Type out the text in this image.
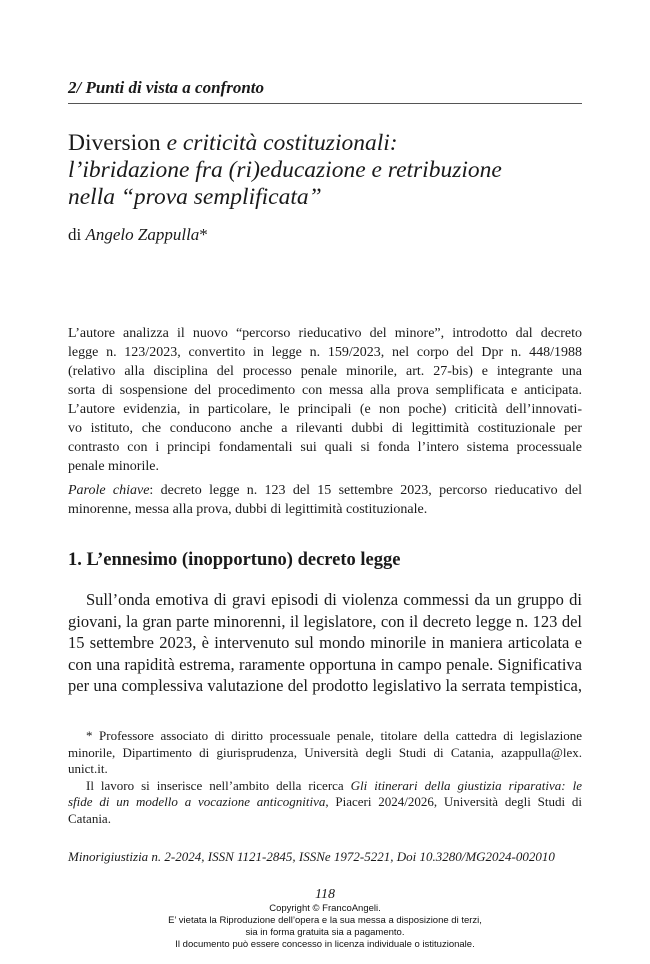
2/ Punti di vista a confronto
Diversion e criticità costituzionali:
l’ibridazione fra (ri)educazione e retribuzione
nella “prova semplificata”
di Angelo Zappulla*
L’autore analizza il nuovo “percorso rieducativo del minore”, introdotto dal decreto
legge n. 123/2023, convertito in legge n. 159/2023, nel corpo del Dpr n. 448/1988
(relativo alla disciplina del processo penale minorile, art. 27-bis) e integrante una
sorta di sospensione del procedimento con messa alla prova semplificata e anticipata.
L’autore evidenzia, in particolare, le principali (e non poche) criticità dell’innovati-
vo istituto, che conducono anche a rilevanti dubbi di legittimità costituzionale per
contrasto con i principi fondamentali sui quali si fonda l’intero sistema processuale
penale minorile.
Parole chiave: decreto legge n. 123 del 15 settembre 2023, percorso rieducativo del
minorenne, messa alla prova, dubbi di legittimità costituzionale.
1. L’ennesimo (inopportuno) decreto legge
Sull’onda emotiva di gravi episodi di violenza commessi da un gruppo di
giovani, la gran parte minorenni, il legislatore, con il decreto legge n. 123 del
15 settembre 2023, è intervenuto sul mondo minorile in maniera articolata e
con una rapidità estrema, raramente opportuna in campo penale. Significativa
per una complessiva valutazione del prodotto legislativo la serrata tempistica,
* Professore associato di diritto processuale penale, titolare della cattedra di legislazione
minorile, Dipartimento di giurisprudenza, Università degli Studi di Catania, azappulla@lex.
unict.it.
Il lavoro si inserisce nell’ambito della ricerca Gli itinerari della giustizia riparativa: le
sfide di un modello a vocazione anticognitiva, Piaceri 2024/2026, Università degli Studi di
Catania.
Minorigiustizia n. 2-2024, ISSN 1121-2845, ISSNe 1972-5221, Doi 10.3280/MG2024-002010
118
Copyright © FrancoAngeli.
E’ vietata la Riproduzione dell’opera e la sua messa a disposizione di terzi,
sia in forma gratuita sia a pagamento.
Il documento può essere concesso in licenza individuale o istituzionale.
